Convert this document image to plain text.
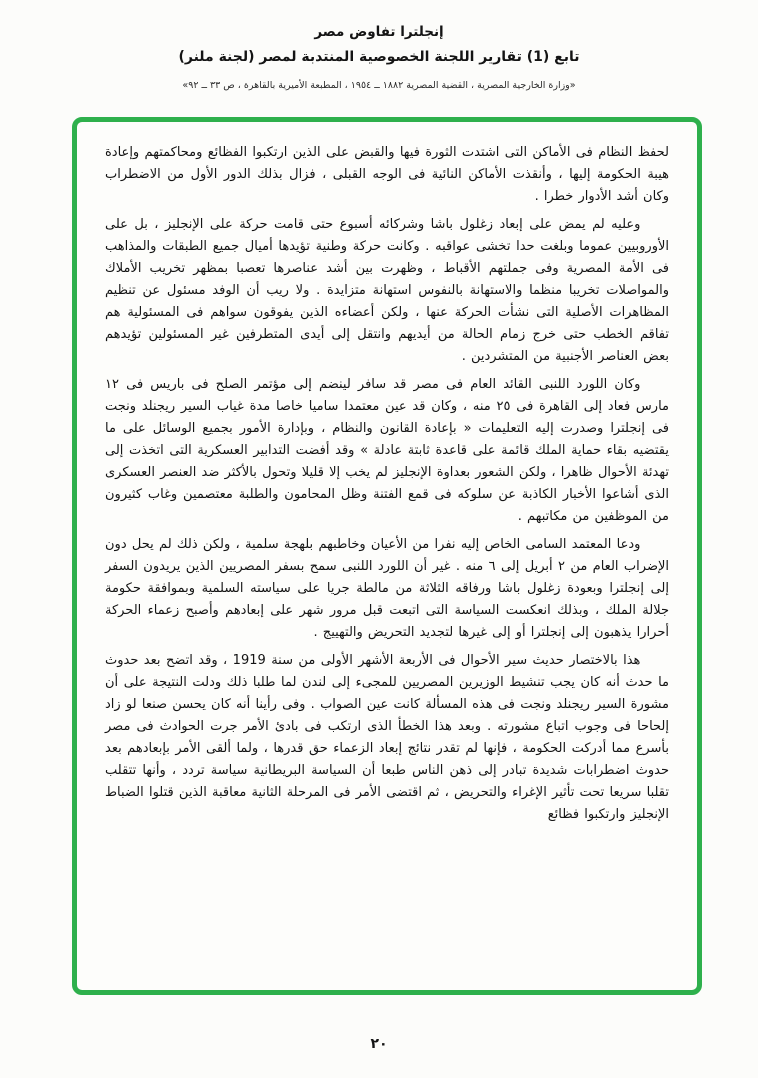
إنجلترا تفاوض مصر
تابع (1) تقارير اللجنة الخصوصية المنتدبة لمصر (لجنة ملنر)
«وزارة الخارجية المصرية ، القضية المصرية ١٨٨٢ ــ ١٩٥٤ ، المطبعة الأميرية بالقاهرة ، ص ٣٣ ــ ٩٢»

لحفظ النظام فى الأماكن التى اشتدت الثورة فيها والقبض على الذين ارتكبوا الفظائع ومحاكمتهم وإعادة هيبة الحكومة إليها ، وأنقذت الأماكن النائية فى الوجه القبلى ، فزال بذلك الدور الأول من الاضطراب وكان أشد الأدوار خطرا .

وعليه لم يمض على إبعاد زغلول باشا وشركائه أسبوع حتى قامت حركة على الإنجليز ، بل على الأوروبيين عموما وبلغت حدا تخشى عواقبه . وكانت حركة وطنية تؤيدها أميال جميع الطبقات والمذاهب فى الأمة المصرية وفى جملتهم الأقباط ، وظهرت بين أشد عناصرها تعصبا بمظهر تخريب الأملاك والمواصلات تخريبا منظما والاستهانة بالنفوس استهانة متزايدة . ولا ريب أن الوفد مسئول عن تنظيم المظاهرات الأصلية التى نشأت الحركة عنها ، ولكن أعضاءه الذين يفوقون سواهم فى المسئولية هم تفاقم الخطب حتى خرج زمام الحالة من أيديهم وانتقل إلى أيدى المتطرفين غير المسئولين تؤيدهم بعض العناصر الأجنبية من المتشردين .

وكان اللورد اللنبى القائد العام فى مصر قد سافر لينضم إلى مؤتمر الصلح فى باريس فى ١٢ مارس فعاد إلى القاهرة فى ٢٥ منه ، وكان قد عين معتمدا ساميا خاصا مدة غياب السير ريجنلد ونجت فى إنجلترا وصدرت إليه التعليمات « بإعادة القانون والنظام ، وبإدارة الأمور بجميع الوسائل على ما يقتضيه بقاء حماية الملك قائمة على قاعدة ثابتة عادلة » وقد أفضت التدابير العسكرية التى اتخذت إلى تهدئة الأحوال ظاهرا ، ولكن الشعور بعداوة الإنجليز لم يخب إلا قليلا وتحول بالأكثر ضد العنصر العسكرى الذى أشاعوا الأخبار الكاذبة عن سلوكه فى قمع الفتنة وظل المحامون والطلبة معتصمين وغاب كثيرون من الموظفين من مكاتبهم .

ودعا المعتمد السامى الخاص إليه نفرا من الأعيان وخاطبهم بلهجة سلمية ، ولكن ذلك لم يحل دون الإضراب العام من ٢ أبريل إلى ٦ منه . غير أن اللورد اللنبى سمح بسفر المصريين الذين يريدون السفر إلى إنجلترا وبعودة زغلول باشا ورفاقه الثلاثة من مالطة جريا على سياسته السلمية وبموافقة حكومة جلالة الملك ، وبذلك انعكست السياسة التى اتبعت قبل مرور شهر على إبعادهم وأصبح زعماء الحركة أحرارا يذهبون إلى إنجلترا أو إلى غيرها لتجديد التحريض والتهييج .

هذا بالاختصار حديث سير الأحوال فى الأربعة الأشهر الأولى من سنة 1919 ، وقد اتضح بعد حدوث ما حدث أنه كان يجب تنشيط الوزيرين المصريين للمجىء إلى لندن لما طلبا ذلك ودلت النتيجة على أن مشورة السير ريجنلد ونجت فى هذه المسألة كانت عين الصواب . وفى رأينا أنه كان يحسن صنعا لو زاد إلحاحا فى وجوب اتباع مشورته . وبعد هذا الخطأ الذى ارتكب فى بادئ الأمر جرت الحوادث فى مصر بأسرع مما أدركت الحكومة ، فإنها لم تقدر نتائج إبعاد الزعماء حق قدرها ، ولما ألقى الأمر بإبعادهم بعد حدوث اضطرابات شديدة تبادر إلى ذهن الناس طبعا أن السياسة البريطانية سياسة تردد ، وأنها تتقلب تقلبا سريعا تحت تأثير الإغراء والتحريض ، ثم اقتضى الأمر فى المرحلة الثانية معاقبة الذين قتلوا الضباط الإنجليز وارتكبوا فظائع

٢٠
